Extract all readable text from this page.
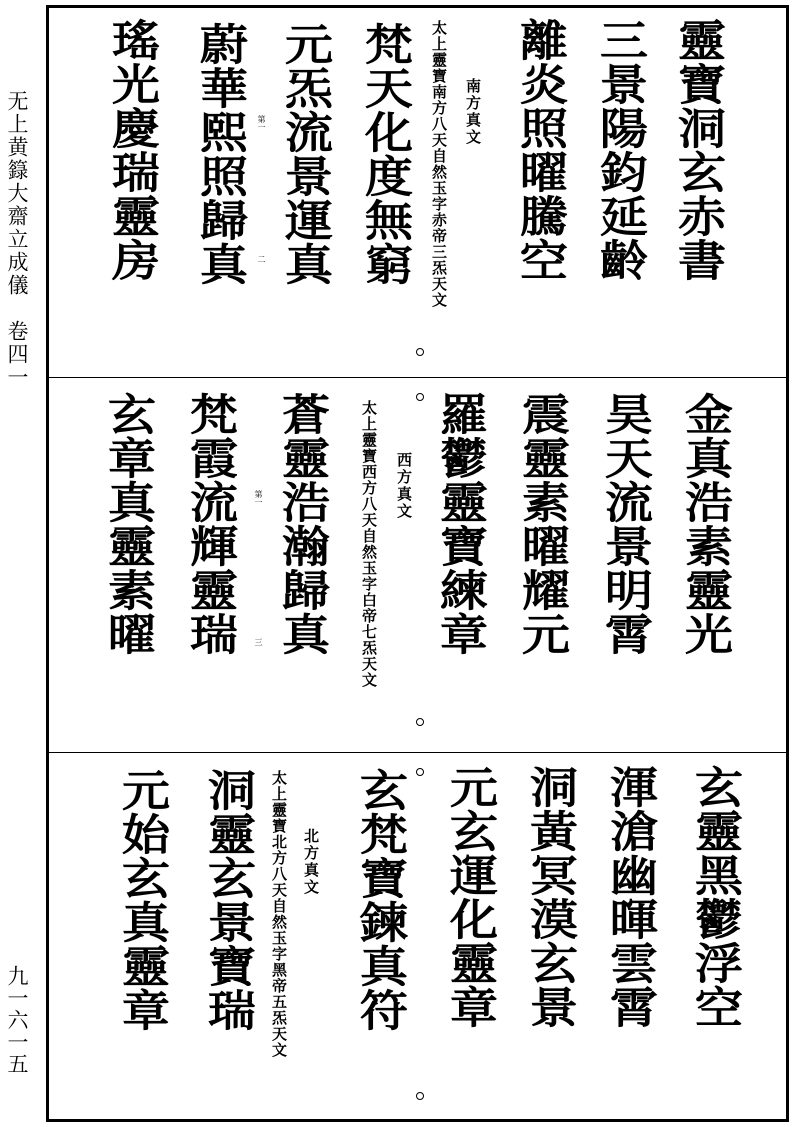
无上黄籙大齋立成儀　卷四一
九一六一五
靈寶洞玄赤書
三景陽鈞延齡
離炎照曜騰空
南方真文
太上靈寶南方八天自然玉字赤帝三炁天文
梵天化度無窮
元炁流景運真
第一
二
蔚華熙照歸真
瑤光慶瑞靈房
金真浩素靈光
昊天流景明霄
震靈素曜耀元
羅鬱靈寶練章
西方真文
太上靈寶西方八天自然玉字白帝七炁天文
蒼靈浩瀚歸真
第一
三
梵霞流輝靈瑞
玄章真靈素曜
玄靈黑鬱浮空
渾滄幽暉雲霄
洞黃冥漠玄景
元玄運化靈章
玄梵寶鍊真符
北方真文
太上靈寶北方八天自然玉字黑帝五炁天文
洞靈玄景寶瑞
元始玄真靈章
